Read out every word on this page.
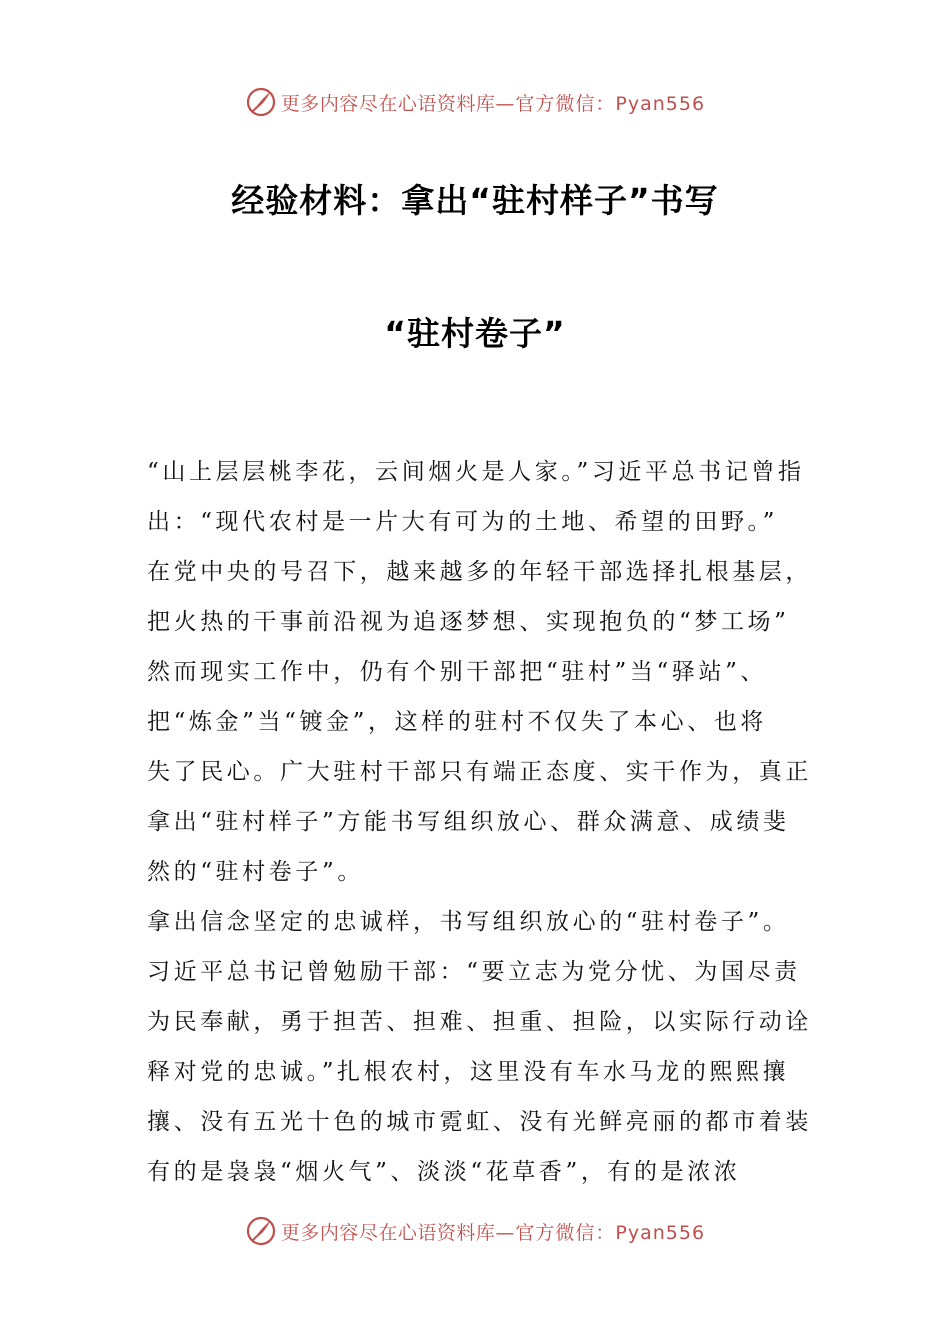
更多内容尽在心语资料库 —官方微信：Pyan556
经验材料：拿出“驻村样子”书写
“驻村卷子”
“山上层层桃李花，云间烟火是人家。”习近平总书记曾指
出：“现代农村是一片大有可为的土地、希望的田野。”
在党中央的号召下，越来越多的年轻干部选择扎根基层，
把火热的干事前沿视为追逐梦想、实现抱负的“梦工场”
然而现实工作中，仍有个别干部把“驻村”当“驿站”、
把“炼金”当“镀金”，这样的驻村不仅失了本心、也将
失了民心。广大驻村干部只有端正态度、实干作为，真正
拿出“驻村样子”方能书写组织放心、群众满意、成绩斐
然的“驻村卷子”。
拿出信念坚定的忠诚样，书写组织放心的“驻村卷子”。
习近平总书记曾勉励干部：“要立志为党分忧、为国尽责
为民奉献，勇于担苦、担难、担重、担险，以实际行动诠
释对党的忠诚。”扎根农村，这里没有车水马龙的熙熙攘
攘、没有五光十色的城市霓虹、没有光鲜亮丽的都市着装
有的是袅袅“烟火气”、淡淡“花草香”，有的是浓浓
更多内容尽在心语资料库 —官方微信：Pyan556
